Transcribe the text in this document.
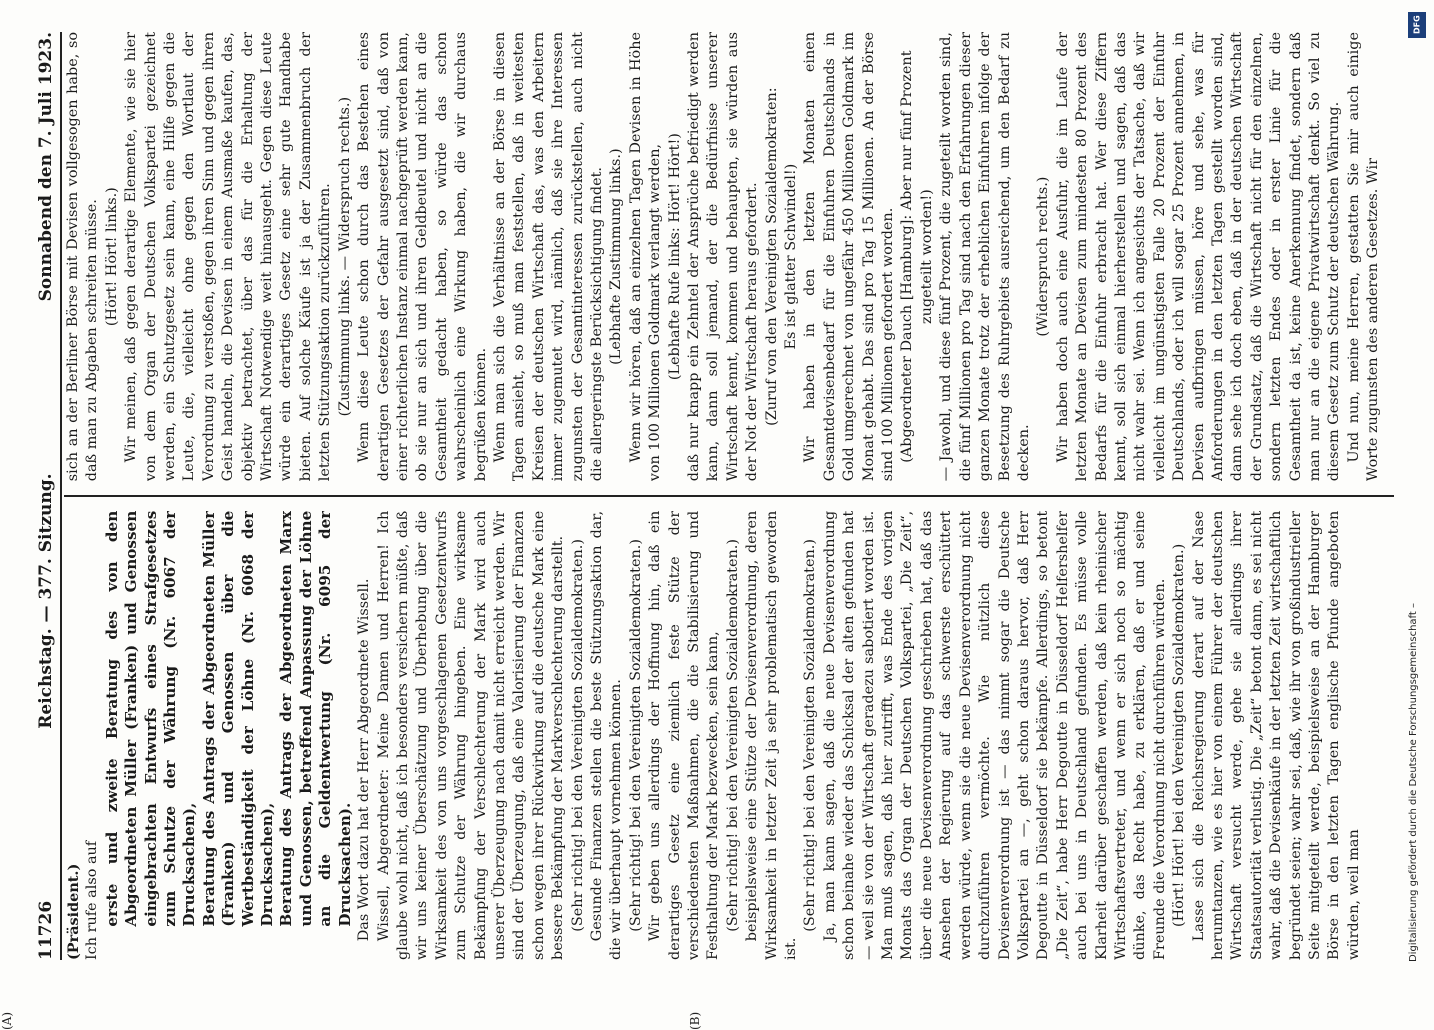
11726
Reichstag. — 377. Sitzung.
Sonnabend den 7. Juli 1923.

(Präsident.) Ich rufe also auf erste und zweite Beratung des von den Abgeordneten Müller (Franken) und Genossen eingebrachten Entwurfs eines Strafgesetzes zum Schutze der Währung (Nr. 6067 der Drucksachen), Beratung des Antrags der Abgeordneten Müller (Franken) und Genossen über die Wertbeständigkeit der Löhne (Nr. 6068 der Drucksachen), Beratung des Antrags der Abgeordneten Marx und Genossen, betreffend Anpassung der Löhne an die Geldentwertung (Nr. 6095 der Drucksachen). Das Wort dazu hat der Herr Abgeordnete Wissell. Wissell, Abgeordneter: Meine Damen und Herren! Ich glaube wohl nicht, daß ich besonders versichern müßte, daß wir uns keiner Überschätzung und Überhebung über die Wirksamkeit des von uns vorgeschlagenen Gesetzentwurfs zum Schutze der Währung hingeben. Eine wirksame Bekämpfung der Verschlechterung der Mark wird auch unserer Überzeugung nach damit nicht erreicht werden. Wir sind der Überzeugung, daß eine Valorisierung der Finanzen schon wegen ihrer Rückwirkung auf die deutsche Mark eine bessere Bekämpfung der Markverschlechterung darstellt. (Sehr richtig! bei den Vereinigten Sozialdemokraten.) Gesunde Finanzen stellen die beste Stützungsaktion dar, die wir überhaupt vornehmen können. (Sehr richtig! bei den Vereinigten Sozialdemokraten.) Wir geben uns allerdings der Hoffnung hin, daß ein derartiges Gesetz eine ziemlich feste Stütze der verschiedensten Maßnahmen, die die Stabilisierung und Festhaltung der Mark bezwecken, sein kann, (Sehr richtig! bei den Vereinigten Sozialdemokraten.) beispielsweise eine Stütze der Devisenverordnung, deren Wirksamkeit in letzter Zeit ja sehr problematisch geworden ist.

(Sehr richtig! bei den Vereinigten Sozialdemokraten.) Ja, man kann sagen, daß die neue Devisenverordnung schon beinahe wieder das Schicksal der alten gefunden hat — weil sie von der Wirtschaft geradezu sabotiert worden ist. Man muß sagen, daß hier zutrifft, was Ende des vorigen Monats das Organ der Deutschen Volkspartei, „Die Zeit“, über die neue Devisenverordnung geschrieben hat, daß das Ansehen der Regierung auf das schwerste erschüttert werden würde, wenn sie die neue Devisenverordnung nicht durchzuführen vermöchte. Wie nützlich diese Devisenverordnung ist — das nimmt sogar die Deutsche Volkspartei an —, geht schon daraus hervor, daß Herr Degoutte in Düsseldorf sie bekämpfe. Allerdings, so betont „Die Zeit“, habe Herr Degoutte in Düsseldorf Helfershelfer auch bei uns in Deutschland gefunden. Es müsse volle Klarheit darüber geschaffen werden, daß kein rheinischer Wirtschaftsvertreter, und wenn er sich noch so mächtig dünke, das Recht habe, zu erklären, daß er und seine Freunde die Verordnung nicht durchführen würden. (Hört! Hört! bei den Vereinigten Sozialdemokraten.) Lasse sich die Reichsregierung derart auf der Nase herumtanzen, wie es hier von einem Führer der deutschen Wirtschaft versucht werde, gehe sie allerdings ihrer Staatsautorität verlustig. Die „Zeit“ betont dann, es sei nicht wahr, daß die Devisenkäufe in der letzten Zeit wirtschaftlich begründet seien; wahr sei, daß, wie ihr von großindustrieller Seite mitgeteilt werde, beispielsweise an der Hamburger Börse in den letzten Tagen englische Pfunde angeboten würden, weil man

sich an der Berliner Börse mit Devisen vollgesogen habe, so daß man zu Abgaben schreiten müsse. (Hört! Hört! links.) Wir meinen, daß gegen derartige Elemente, wie sie hier von dem Organ der Deutschen Volkspartei gezeichnet werden, ein Schutzgesetz sein kann, eine Hilfe gegen die Leute, die, vielleicht ohne gegen den Wortlaut der Verordnung zu verstoßen, gegen ihren Sinn und gegen ihren Geist handeln, die Devisen in einem Ausmaße kaufen, das, objektiv betrachtet, über das für die Erhaltung der Wirtschaft Notwendige weit hinausgeht. Gegen diese Leute würde ein derartiges Gesetz eine sehr gute Handhabe bieten. Auf solche Käufe ist ja der Zusammenbruch der letzten Stützungsaktion zurückzuführen. (Zustimmung links. — Widerspruch rechts.) Wenn diese Leute schon durch das Bestehen eines derartigen Gesetzes der Gefahr ausgesetzt sind, daß von einer richterlichen Instanz einmal nachgeprüft werden kann, ob sie nur an sich und ihren Geldbeutel und nicht an die Gesamtheit gedacht haben, so würde das schon wahrscheinlich eine Wirkung haben, die wir durchaus begrüßen können. Wenn man sich die Verhältnisse an der Börse in diesen Tagen ansieht, so muß man feststellen, daß in weitesten Kreisen der deutschen Wirtschaft das, was den Arbeitern immer zugemutet wird, nämlich, daß sie ihre Interessen zugunsten der Gesamtinteressen zurückstellen, auch nicht die allergeringste Berücksichtigung findet. (Lebhafte Zustimmung links.) Wenn wir hören, daß an einzelnen Tagen Devisen in Höhe von 100 Millionen Goldmark verlangt werden, (Lebhafte Rufe links: Hört! Hört!) daß nur knapp ein Zehntel der Ansprüche befriedigt werden kann, dann soll jemand, der die Bedürfnisse unserer Wirtschaft kennt, kommen und behaupten, sie würden aus der Not der Wirtschaft heraus gefordert. (Zuruf von den Vereinigten Sozialdemokraten: Es ist glatter Schwindel!) Wir haben in den letzten Monaten einen Gesamtdevisenbedarf für die Einfuhren Deutschlands in Gold umgerechnet von ungefähr 450 Millionen Goldmark im Monat gehabt. Das sind pro Tag 15 Millionen. An der Börse sind 100 Millionen gefordert worden. (Abgeordneter Dauch [Hamburg]: Aber nur fünf Prozent zugeteilt worden!) — Jawohl, und diese fünf Prozent, die zugeteilt worden sind, die fünf Millionen pro Tag sind nach den Erfahrungen dieser ganzen Monate trotz der erheblichen Einfuhren infolge der Besetzung des Ruhrgebiets ausreichend, um den Bedarf zu decken.

(Widerspruch rechts.) Wir haben doch auch eine Ausfuhr, die im Laufe der letzten Monate an Devisen zum mindesten 80 Prozent des Bedarfs für die Einfuhr erbracht hat. Wer diese Ziffern kennt, soll sich einmal hierherstellen und sagen, daß das nicht wahr sei. Wenn ich angesichts der Tatsache, daß wir vielleicht im ungünstigsten Falle 20 Prozent der Einfuhr Deutschlands, oder ich will sogar 25 Prozent annehmen, in Devisen aufbringen müssen, höre und sehe, was für Anforderungen in den letzten Tagen gestellt worden sind, dann sehe ich doch eben, daß in der deutschen Wirtschaft der Grundsatz, daß die Wirtschaft nicht für den einzelnen, sondern letzten Endes oder in erster Linie für die Gesamtheit da ist, keine Anerkennung findet, sondern daß man nur an die eigene Privatwirtschaft denkt. So viel zu diesem Gesetz zum Schutz der deutschen Währung. Und nun, meine Herren, gestatten Sie mir auch einige Worte zugunsten des anderen Gesetzes. Wir

(A)	(B)
Digitalisierung gefördert durch die Deutsche Forschungsgemeinschaft –
DFG
